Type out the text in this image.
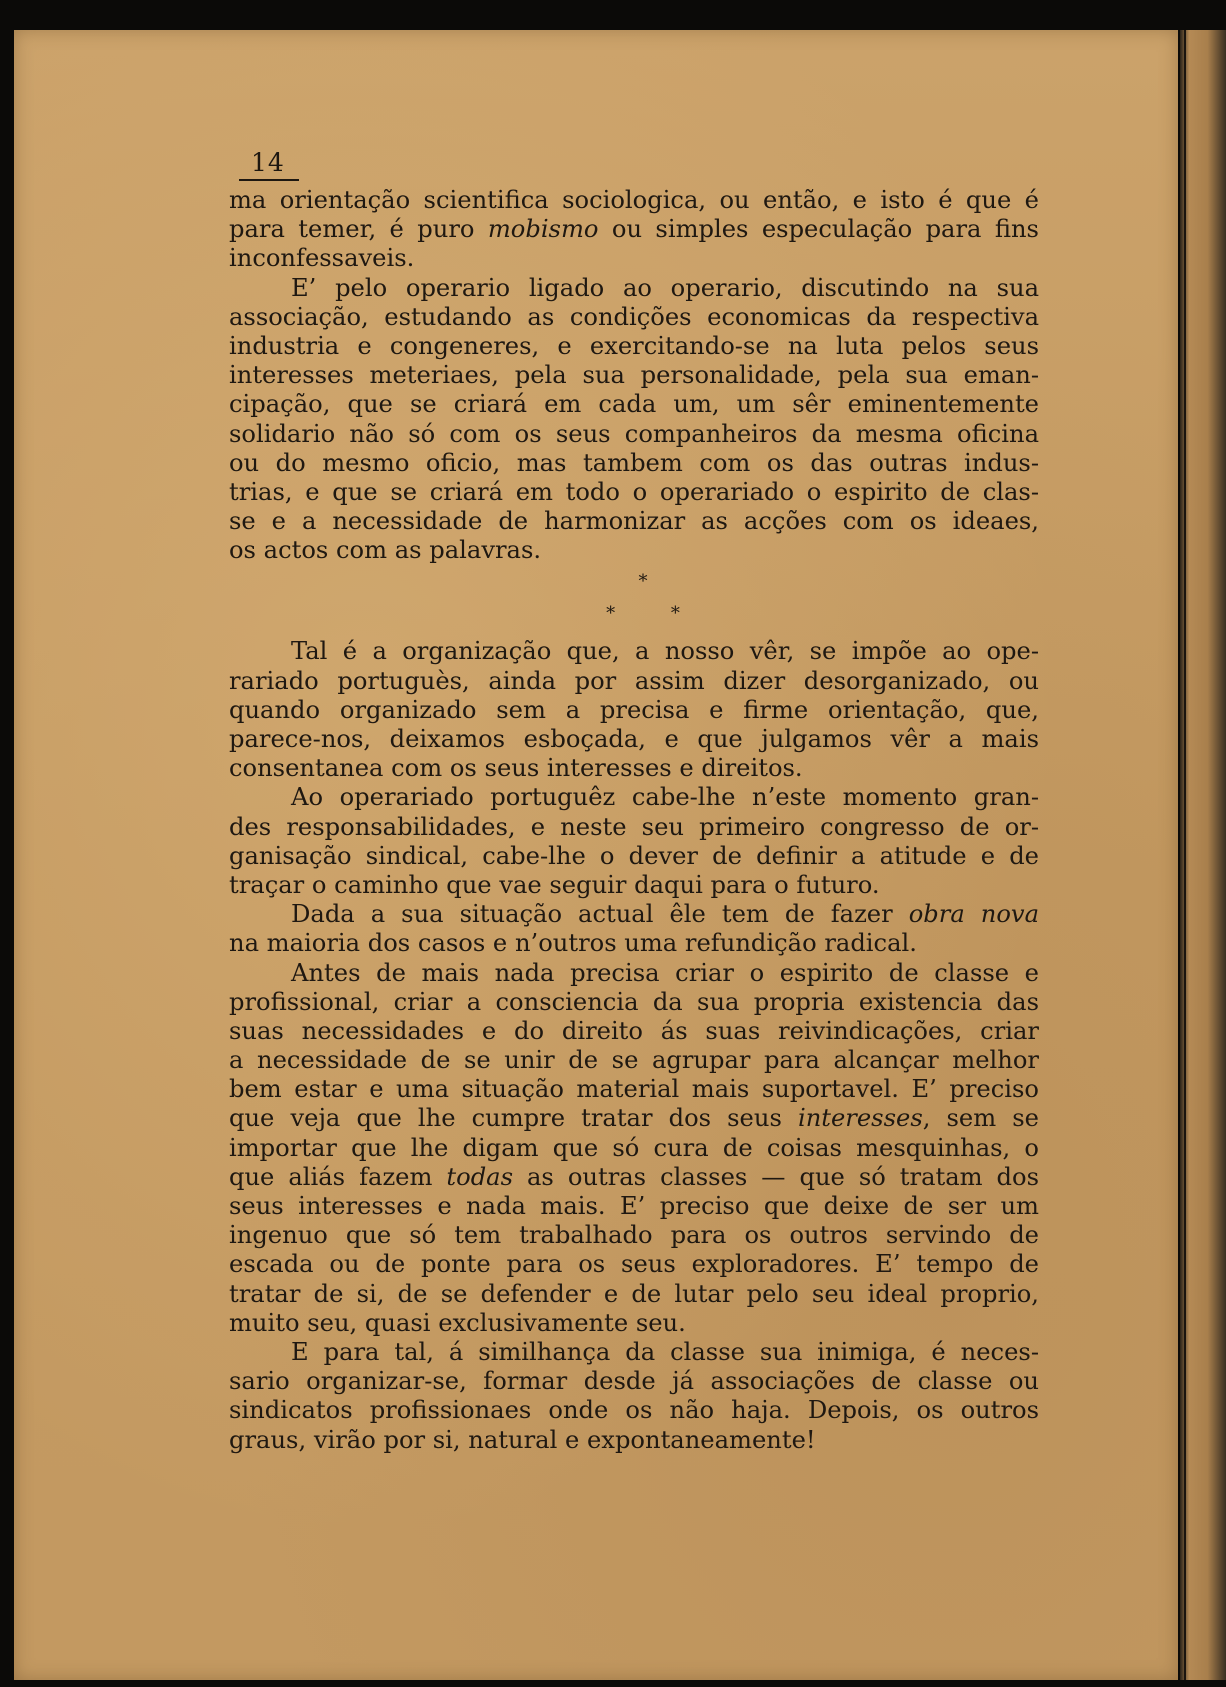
14
ma orientação scientifica sociologica, ou então, e isto é que é
para temer, é puro mobismo ou simples especulação para fins
inconfessaveis.
E’ pelo operario ligado ao operario, discutindo na sua
associação, estudando as condições economicas da respectiva
industria e congeneres, e exercitando-se na luta pelos seus
interesses meteriaes, pela sua personalidade, pela sua eman-
cipação, que se criará em cada um, um sêr eminentemente
solidario não só com os seus companheiros da mesma oficina
ou do mesmo oficio, mas tambem com os das outras indus-
trias, e que se criará em todo o operariado o espirito de clas-
se e a necessidade de harmonizar as acções com os ideaes,
os actos com as palavras.
*
* *
Tal é a organização que, a nosso vêr, se impõe ao ope-
rariado portuguès, ainda por assim dizer desorganizado, ou
quando organizado sem a precisa e firme orientação, que,
parece-nos, deixamos esboçada, e que julgamos vêr a mais
consentanea com os seus interesses e direitos.
Ao operariado portuguêz cabe-lhe n’este momento gran-
des responsabilidades, e neste seu primeiro congresso de or-
ganisação sindical, cabe-lhe o dever de definir a atitude e de
traçar o caminho que vae seguir daqui para o futuro.
Dada a sua situação actual êle tem de fazer obra nova
na maioria dos casos e n’outros uma refundição radical.
Antes de mais nada precisa criar o espirito de classe e
profissional, criar a consciencia da sua propria existencia das
suas necessidades e do direito ás suas reivindicações, criar
a necessidade de se unir de se agrupar para alcançar melhor
bem estar e uma situação material mais suportavel. E’ preciso
que veja que lhe cumpre tratar dos seus interesses, sem se
importar que lhe digam que só cura de coisas mesquinhas, o
que aliás fazem todas as outras classes — que só tratam dos
seus interesses e nada mais. E’ preciso que deixe de ser um
ingenuo que só tem trabalhado para os outros servindo de
escada ou de ponte para os seus exploradores. E’ tempo de
tratar de si, de se defender e de lutar pelo seu ideal proprio,
muito seu, quasi exclusivamente seu.
E para tal, á similhança da classe sua inimiga, é neces-
sario organizar-se, formar desde já associações de classe ou
sindicatos profissionaes onde os não haja. Depois, os outros
graus, virão por si, natural e expontaneamente!
